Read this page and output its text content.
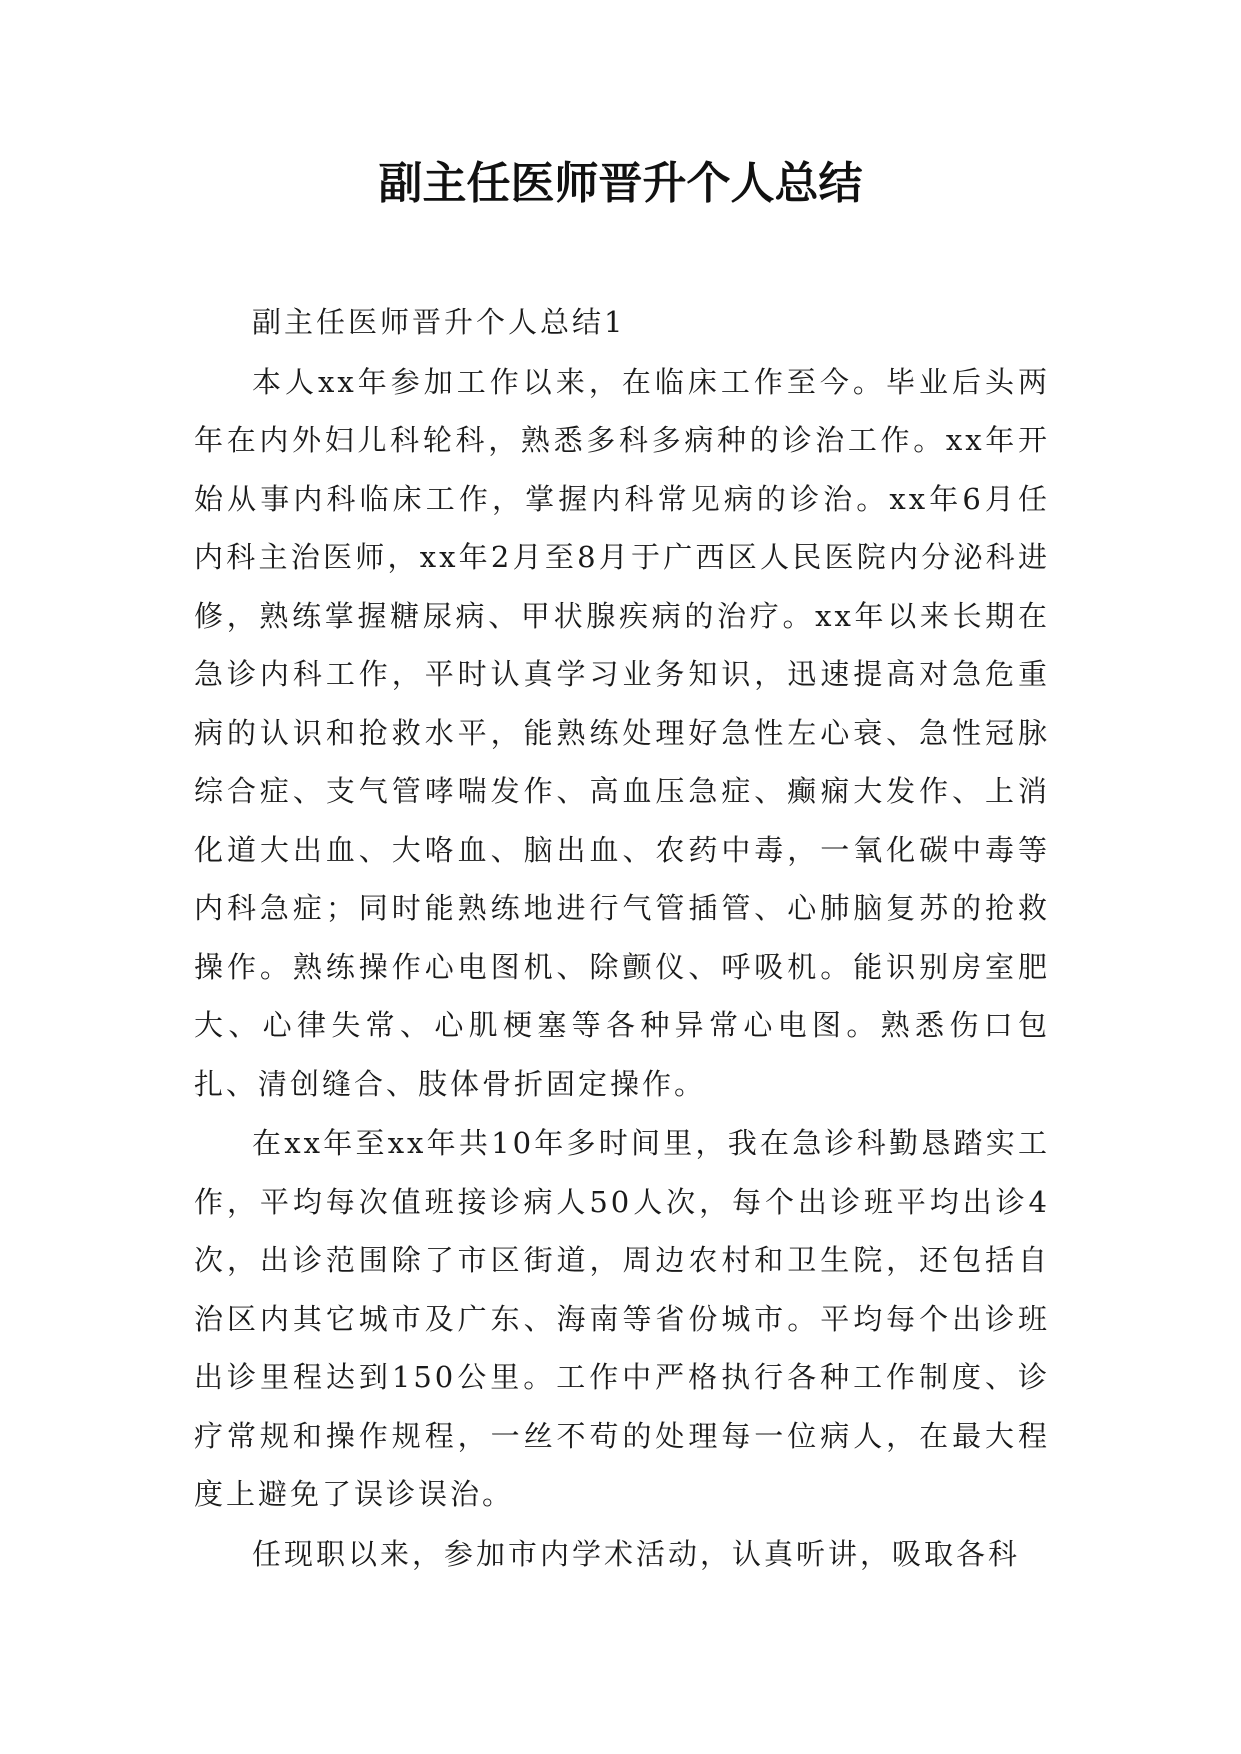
副主任医师晋升个人总结

副主任医师晋升个人总结1

本人xx年参加工作以来，在临床工作至今。毕业后头两年在内外妇儿科轮科，熟悉多科多病种的诊治工作。xx年开始从事内科临床工作，掌握内科常见病的诊治。xx年6月任内科主治医师，xx年2月至8月于广西区人民医院内分泌科进修，熟练掌握糖尿病、甲状腺疾病的治疗。xx年以来长期在急诊内科工作，平时认真学习业务知识，迅速提高对急危重病的认识和抢救水平，能熟练处理好急性左心衰、急性冠脉综合症、支气管哮喘发作、高血压急症、癫痫大发作、上消化道大出血、大咯血、脑出血、农药中毒，一氧化碳中毒等内科急症；同时能熟练地进行气管插管、心肺脑复苏的抢救操作。熟练操作心电图机、除颤仪、呼吸机。能识别房室肥大、心律失常、心肌梗塞等各种异常心电图。熟悉伤口包扎、清创缝合、肢体骨折固定操作。

在xx年至xx年共10年多时间里，我在急诊科勤恳踏实工作，平均每次值班接诊病人50人次，每个出诊班平均出诊4次，出诊范围除了市区街道，周边农村和卫生院，还包括自治区内其它城市及广东、海南等省份城市。平均每个出诊班出诊里程达到150公里。工作中严格执行各种工作制度、诊疗常规和操作规程，一丝不苟的处理每一位病人，在最大程度上避免了误诊误治。

任现职以来，参加市内学术活动，认真听讲，吸取各科
